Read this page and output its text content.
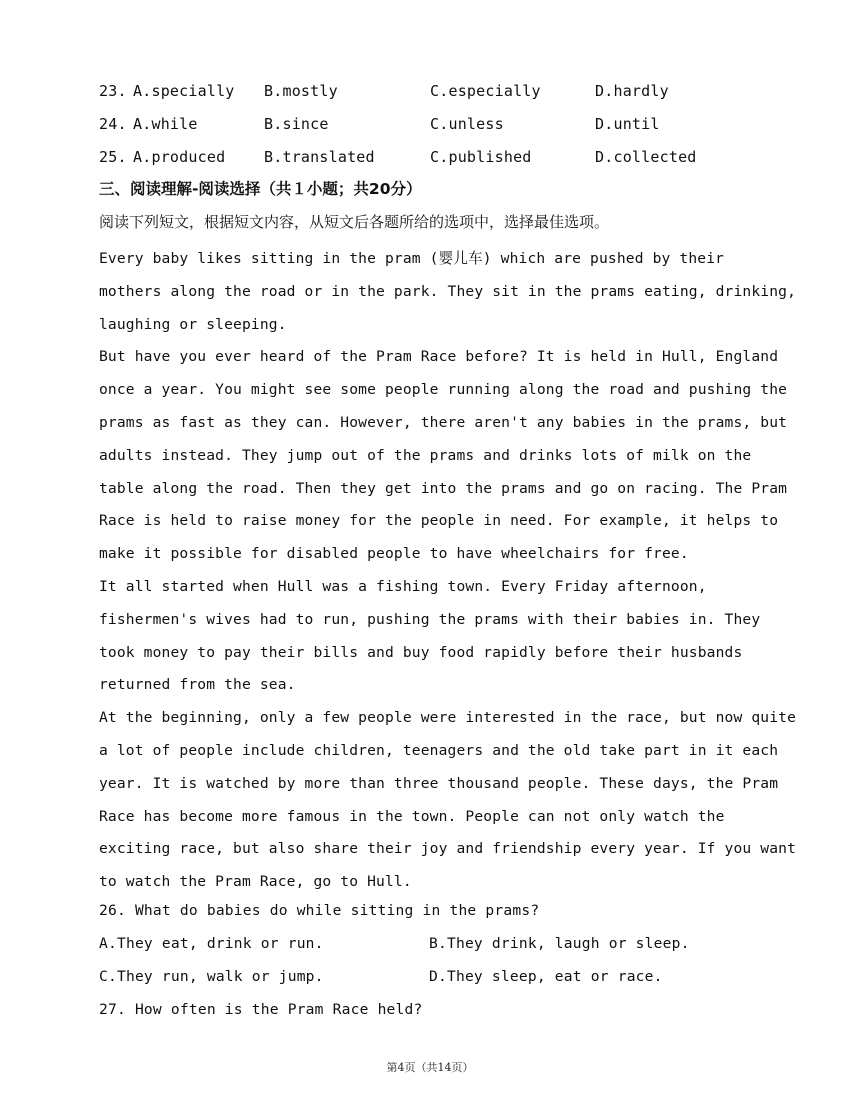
23. A.specially B.mostly	C.especially	D.hardly
24. A.while	B.since	C.unless	D.until
25. A.produced	B.translated	C.published	D.collected
三、阅读理解-阅读选择（共１小题；共20分）
阅读下列短文，根据短文内容，从短文后各题所给的选项中，选择最佳选项。
Every baby likes sitting in the pram (婴儿车) which are pushed by their
mothers along the road or in the park. They sit in the prams eating, drinking,
laughing or sleeping.
But have you ever heard of the Pram Race before? It is held in Hull, England
once a year. You might see some people running along the road and pushing the
prams as fast as they can. However, there aren't any babies in the prams, but
adults instead. They jump out of the prams and drinks lots of milk on the
table along the road. Then they get into the prams and go on racing. The Pram
Race is held to raise money for the people in need. For example, it helps to
make it possible for disabled people to have wheelchairs for free.
It all started when Hull was a fishing town. Every Friday afternoon,
fishermen's wives had to run, pushing the prams with their babies in. They
took money to pay their bills and buy food rapidly before their husbands
returned from the sea.
At the beginning, only a few people were interested in the race, but now quite
a lot of people include children, teenagers and the old take part in it each
year. It is watched by more than three thousand people. These days, the Pram
Race has become more famous in the town. People can not only watch the
exciting race, but also share their joy and friendship every year. If you want
to watch the Pram Race, go to Hull.
26. What do babies do while sitting in the prams?
A.They eat, drink or run.	B.They drink, laugh or sleep.
C.They run, walk or jump.	D.They sleep, eat or race.
27. How often is the Pram Race held?
第4页（共14页）
